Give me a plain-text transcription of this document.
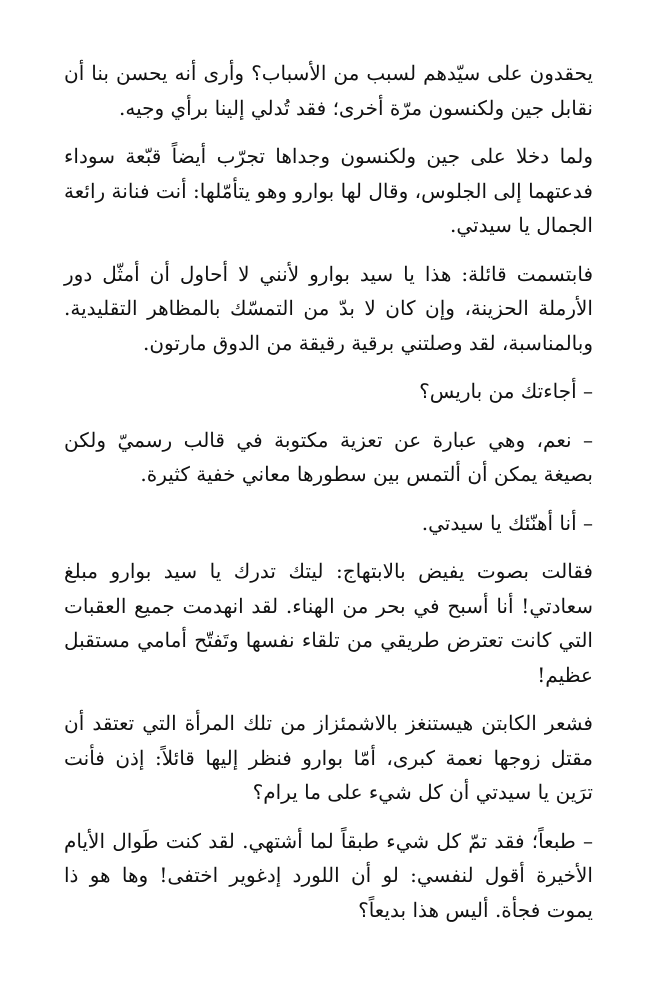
يحقدون على سيّدهم لسبب من الأسباب؟ وأرى أنه يحسن بنا أن نقابل جين ولكنسون مرّة أخرى؛ فقد تُدلي إلينا برأي وجيه.

ولما دخلا على جين ولكنسون وجداها تجرّب أيضاً قبّعة سوداء فدعتهما إلى الجلوس، وقال لها بوارو وهو يتأمّلها: أنت فنانة رائعة الجمال يا سيدتي.

فابتسمت قائلة: هذا يا سيد بوارو لأنني لا أحاول أن أمثّل دور الأرملة الحزينة، وإن كان لا بدّ من التمسّك بالمظاهر التقليدية. وبالمناسبة، لقد وصلتني برقية رقيقة من الدوق مارتون.

– أجاءتك من باريس؟

– نعم، وهي عبارة عن تعزية مكتوبة في قالب رسميّ ولكن بصيغة يمكن أن ألتمس بين سطورها معاني خفية كثيرة.

– أنا أهنّئك يا سيدتي.

فقالت بصوت يفيض بالابتهاج: ليتك تدرك يا سيد بوارو مبلغ سعادتي! أنا أسبح في بحر من الهناء. لقد انهدمت جميع العقبات التي كانت تعترض طريقي من تلقاء نفسها وتَفتّح أمامي مستقبل عظيم!

فشعر الكابتن هيستنغز بالاشمئزاز من تلك المرأة التي تعتقد أن مقتل زوجها نعمة كبرى، أمّا بوارو فنظر إليها قائلاً: إذن فأنت ترَين يا سيدتي أن كل شيء على ما يرام؟

– طبعاً؛ فقد تمّ كل شيء طبقاً لما أشتهي. لقد كنت طَوال الأيام الأخيرة أقول لنفسي: لو أن اللورد إدغوير اختفى! وها هو ذا يموت فجأة. أليس هذا بديعاً؟
